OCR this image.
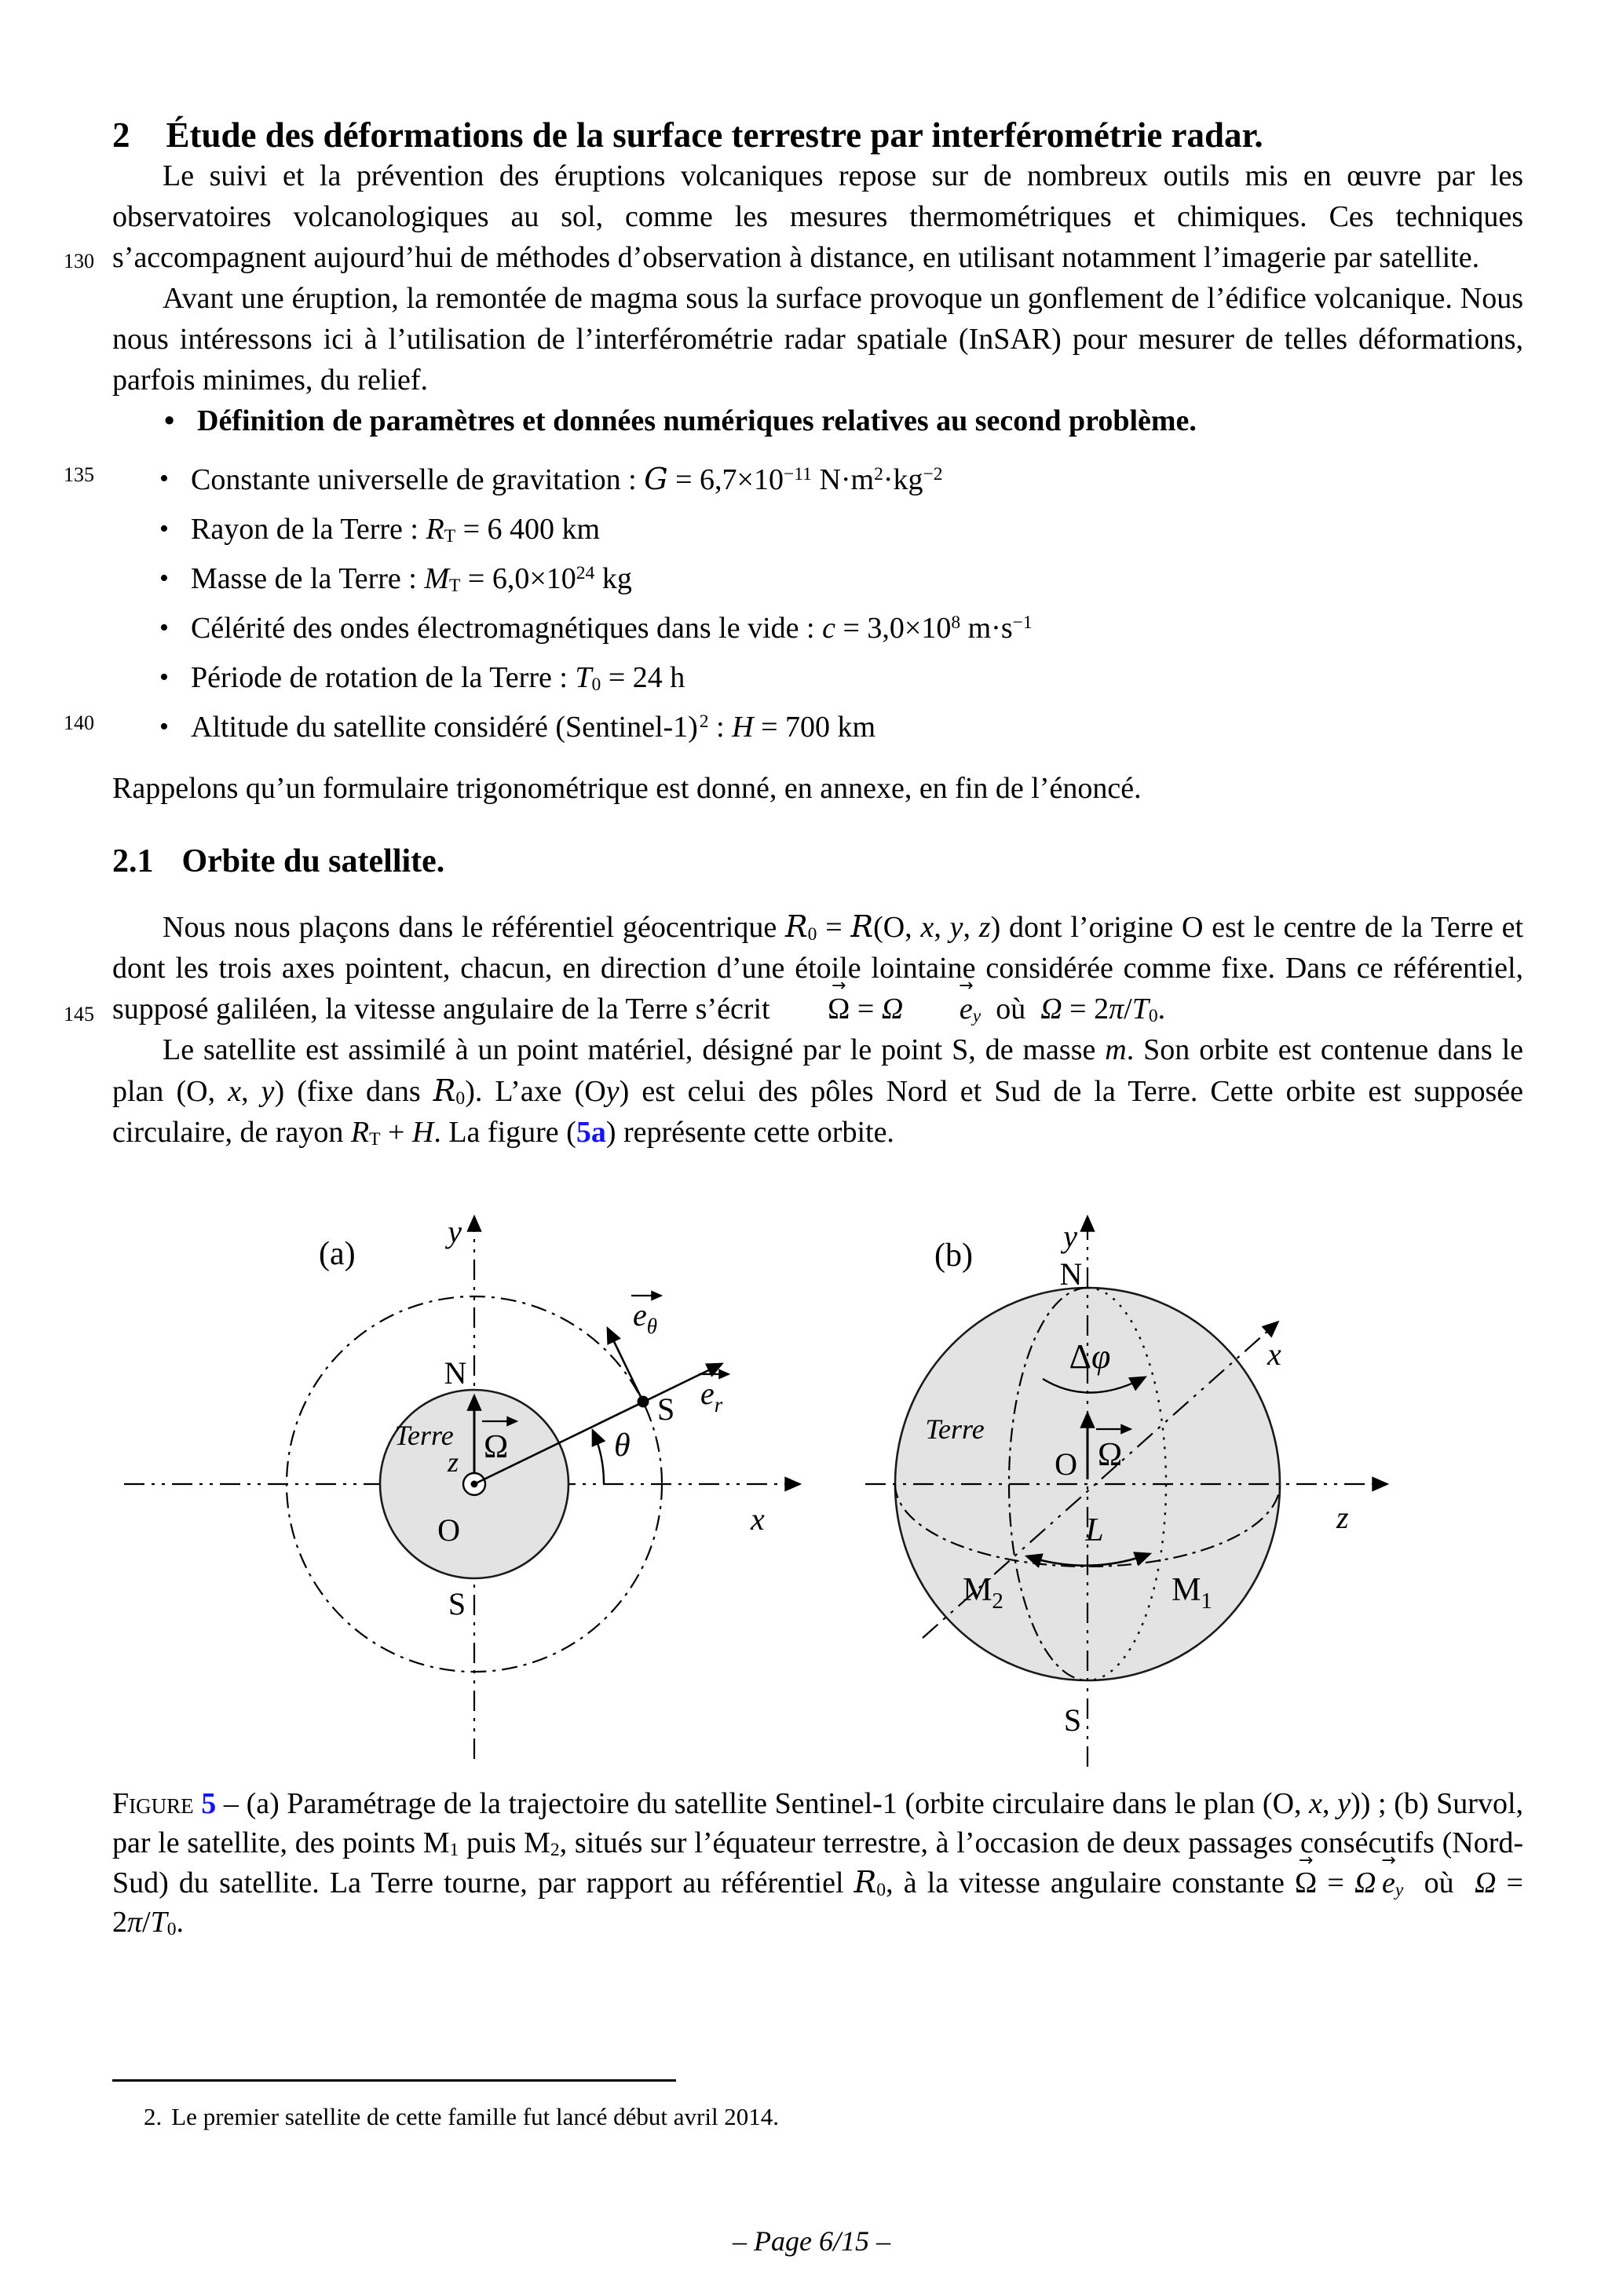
2 Étude des déformations de la surface terrestre par interférométrie radar.
130

Le suivi et la prévention des éruptions volcaniques repose sur de nombreux outils mis en œuvre par les observatoires volcanologiques au sol, comme les mesures thermométriques et chimiques. Ces techniques s’accompagnent aujourd’hui de méthodes d’observation à distance, en utilisant notamment l’imagerie par satellite.

Avant une éruption, la remontée de magma sous la surface provoque un gonflement de l’édifice volcanique. Nous nous intéressons ici à l’utilisation de l’interférométrie radar spatiale (InSAR) pour mesurer de telles déformations, parfois minimes, du relief.

• Définition de paramètres et données numériques relatives au second problème.

• 135	Constante universelle de gravitation : $G = 6,7\times 10^{-11}$ $N\cdot m^2\cdot kg^{-2}$
• Rayon de la Terre : $R_T = 6$ 400 km
• Masse de la Terre : $M_T = 6,0\times 10^{24}$ kg
• Célérité des ondes électromagnétiques dans le vide : $c = 3,0\times 10^8$ $m\cdot s^{-1}$
• Période de rotation de la Terre : $T_0 = 24$ h
• 140	Altitude du satellite considéré (Sentinel-1) $^2$ : H = 700 km

Rappelons qu’un formulaire trigonométrique est donné, en annexe, en fin de l’énoncé.

2.1 Orbite du satellite.
145

Nous nous plaçons dans le référentiel géocentrique $R_0 = R(O$, x, y, z) dont l’origine O est le centre de la Terre et dont les trois axes pointent, chacun, en direction d’une étoile lointaine considérée comme fixe. Dans ce référentiel, supposé galiléen, la vitesse angulaire de la Terre s’écrit Ω → = Ω  $e \to_y$  où  $\Omega = 2\pi/T_0$.

Le satellite est assimilé à un point matériel, désigné par le point S, de masse m. Son orbite est contenue dans le plan (O, x, y) (fixe dans $R_0$). L’axe (Oy) est celui des pôles Nord et Sud de la Terre. Cette orbite est supposée circulaire, de rayon $R_T + H$. La figure (5a) représente cette orbite.

(a)
y
x
N
S
Terre
z
O
Ω	θ
S $e_r$
$e_\theta$
(b)
y
N
S
z
x
Terre
O Ω
Δφ
L
$M_2$	$M_1$

Figure 5 – (a) Paramétrage de la trajectoire du satellite Sentinel-1 (orbite circulaire dans le plan (O, x, y)) ; (b) Survol, par le satellite, des points $M_1$ puis $M_2$, situés sur l’équateur terrestre, à l’occasion de deux passages consécutifs (Nord-Sud) du satellite. La Terre tourne, par rapport au référentiel $R_0$, à la vitesse angulaire constante Ω → = Ω  $e \to_y$  où  $\Omega = 2\pi/T_0$.

2. Le premier satellite de cette famille fut lancé début avril 2014.
– Page 6/15 –
